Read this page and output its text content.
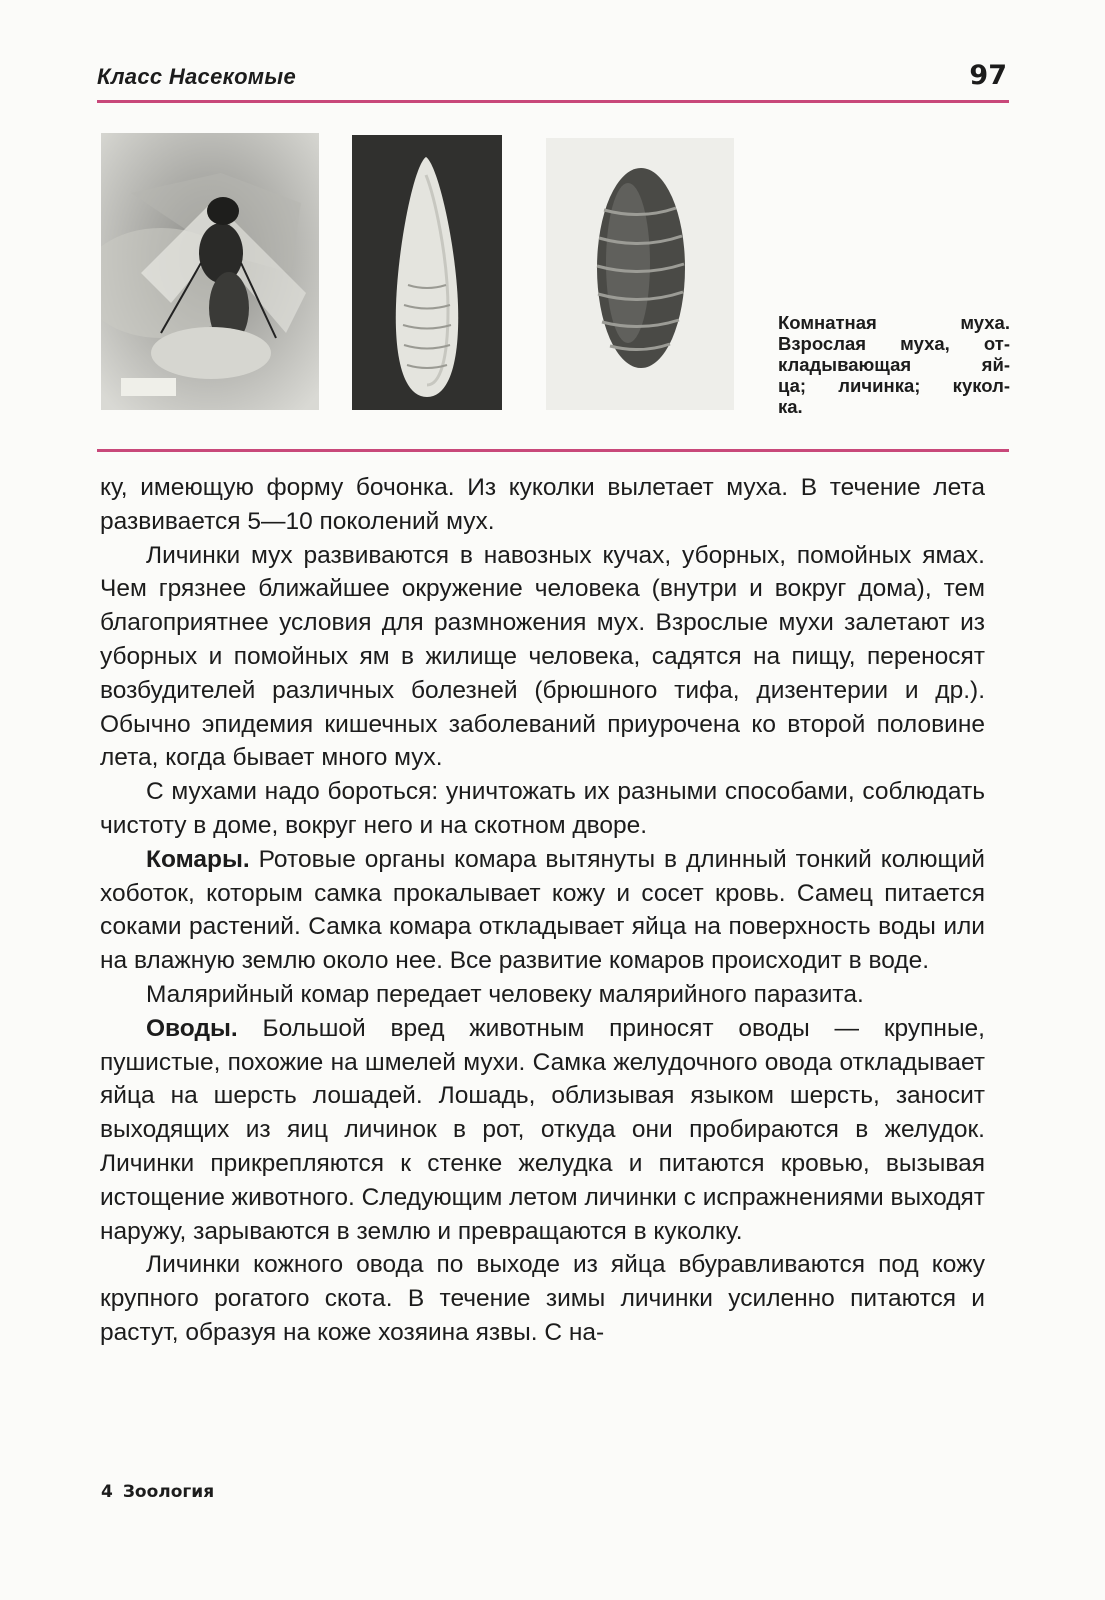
Класс Насекомые	97
Комнатная муха.
Взрослая муха, от-
кладывающая яй-
ца; личинка; кукол-
ка.

ку, имеющую форму бочонка. Из куколки вылетает муха. В течение лета развивается 5—10 поколений мух.

Личинки мух развиваются в навозных кучах, уборных, помойных ямах. Чем грязнее ближайшее окружение человека (внутри и вокруг дома), тем благоприятнее условия для размножения мух. Взрослые мухи залетают из уборных и помойных ям в жилище человека, садятся на пищу, переносят возбудителей различных болезней (брюшного тифа, дизентерии и др.). Обычно эпидемия кишечных заболеваний приурочена ко второй половине лета, когда бывает много мух.

С мухами надо бороться: уничтожать их разными способами, соблюдать чистоту в доме, вокруг него и на скотном дворе.

Комары. Ротовые органы комара вытянуты в длинный тонкий колющий хоботок, которым самка прокалывает кожу и сосет кровь. Самец питается соками растений. Самка комара откладывает яйца на поверхность воды или на влажную землю около нее. Все развитие комаров происходит в воде.

Малярийный комар передает человеку малярийного паразита.

Оводы. Большой вред животным приносят оводы — крупные, пушистые, похожие на шмелей мухи. Самка желудочного овода откладывает яйца на шерсть лошадей. Лошадь, облизывая языком шерсть, заносит выходящих из яиц личинок в рот, откуда они пробираются в желудок. Личинки прикрепляются к стенке желудка и питаются кровью, вызывая истощение животного. Следующим летом личинки с испражнениями выходят наружу, зарываются в землю и превращаются в куколку.

Личинки кожного овода по выходе из яйца вбуравливаются под кожу крупного рогатого скота. В течение зимы личинки усиленно питаются и растут, образуя на коже хозяина язвы. С на-

4 Зоология
